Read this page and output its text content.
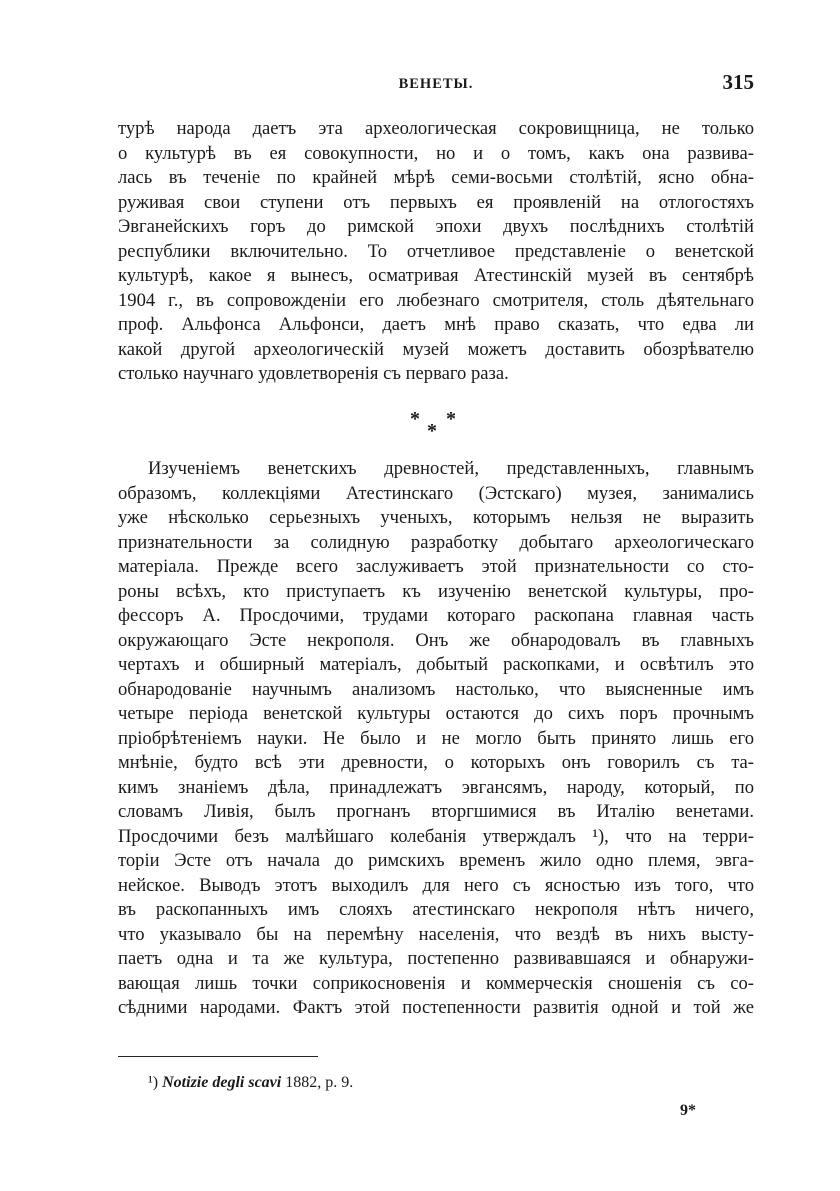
ВЕНЕТЫ.	315
турѣ народа даетъ эта археологическая сокровищница, не только
о культурѣ въ ея совокупности, но и о томъ, какъ она развива-
лась въ теченіе по крайней мѣрѣ семи-восьми столѣтій, ясно обна-
руживая свои ступени отъ первыхъ ея проявленій на отлогостяхъ
Эвганейскихъ горъ до римской эпохи двухъ послѣднихъ столѣтій
республики включительно. То отчетливое представленіе о венетской
культурѣ, какое я вынесъ, осматривая Атестинскій музей въ сентябрѣ
1904 г., въ сопровожденіи его любезнаго смотрителя, столь дѣятельнаго
проф. Альфонса Альфонси, даетъ мнѣ право сказать, что едва ли
какой другой археологическій музей можетъ доставить обозрѣвателю
столько научнаго удовлетворенія съ перваго раза.
*
*
*
Изученіемъ венетскихъ древностей, представленныхъ, главнымъ
образомъ, коллекціями Атестинскаго (Эстскаго) музея, занимались
уже нѣсколько серьезныхъ ученыхъ, которымъ нельзя не выразить
признательности за солидную разработку добытаго археологическаго
матеріала. Прежде всего заслуживаетъ этой признательности со сто-
роны всѣхъ, кто приступаетъ къ изученію венетской культуры, про-
фессоръ А. Просдочими, трудами котораго раскопана главная часть
окружающаго Эсте некрополя. Онъ же обнародовалъ въ главныхъ
чертахъ и обширный матеріалъ, добытый раскопками, и освѣтилъ это
обнародованіе научнымъ анализомъ настолько, что выясненные имъ
четыре періода венетской культуры остаются до сихъ поръ прочнымъ
пріобрѣтеніемъ науки. Не было и не могло быть принято лишь его
мнѣніе, будто всѣ эти древности, о которыхъ онъ говорилъ съ та-
кимъ знаніемъ дѣла, принадлежатъ эвгансямъ, народу, который, по
словамъ Ливія, былъ прогнанъ вторгшимися въ Италію венетами.
Просдочими безъ малѣйшаго колебанія утверждалъ ¹), что на терри-
торіи Эсте отъ начала до римскихъ временъ жило одно племя, эвга-
нейское. Выводъ этотъ выходилъ для него съ ясностью изъ того, что
въ раскопанныхъ имъ слояхъ атестинскаго некрополя нѣтъ ничего,
что указывало бы на перемѣну населенія, что вездѣ въ нихъ высту-
паетъ одна и та же культура, постепенно развивавшаяся и обнаружи-
вающая лишь точки соприкосновенія и коммерческія сношенія съ со-
сѣдними народами. Фактъ этой постепенности развитія одной и той же
¹) Notizie degli scavi 1882, p. 9.
9*
